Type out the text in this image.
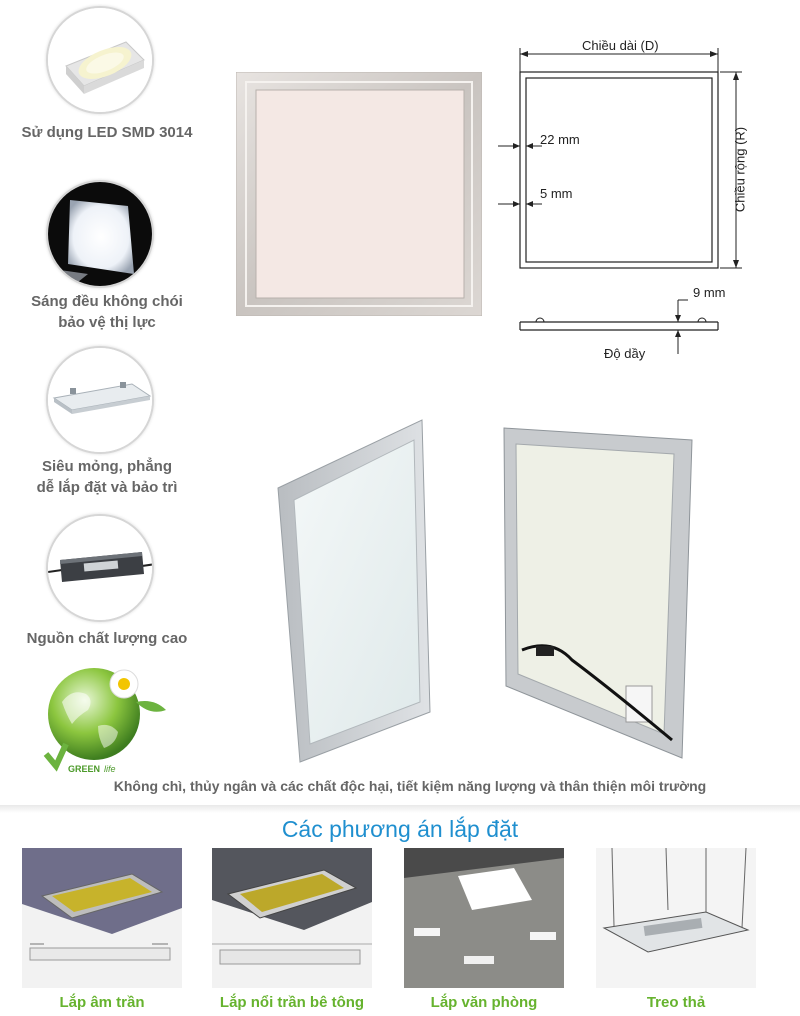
Sử dụng LED SMD 3014
Sáng đều không chói
bảo vệ thị lực
Siêu mỏng, phẳng
dễ lắp đặt và bảo trì
Nguồn chất lượng cao
GREEN life
Chiều dài (D)
Chiều rộng (R)
22 mm
5 mm
9 mm
Độ dầy
Không chì, thủy ngân và các chất độc hại, tiết kiệm năng lượng và thân thiện môi trường
Các phương án lắp đặt
Lắp âm trần	Lắp nổi trần bê tông	Lắp văn phòng	Treo thả
